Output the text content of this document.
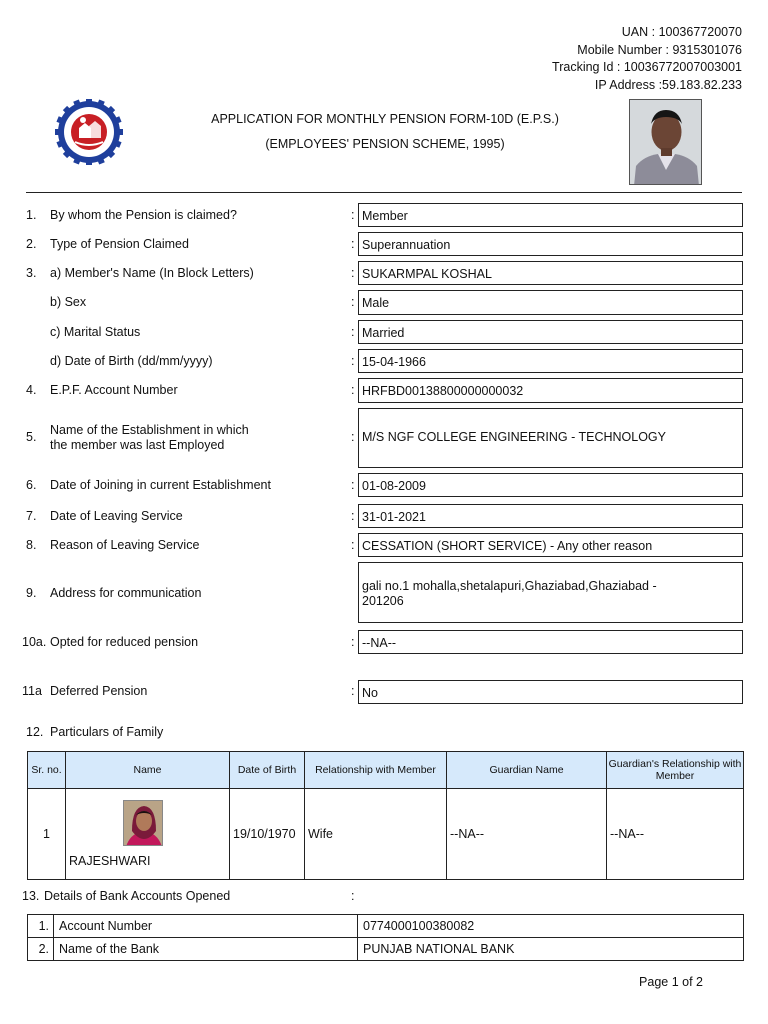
UAN : 100367720070
Mobile Number : 9315301076
Tracking Id : 10036772007003001
IP Address :59.183.82.233
APPLICATION FOR MONTHLY PENSION FORM-10D (E.P.S.)
(EMPLOYEES' PENSION SCHEME, 1995)
1. By whom the Pension is claimed?	: Member
2. Type of Pension Claimed	: Superannuation
3. a) Member's Name (In Block Letters)	: SUKARMPAL KOSHAL
b) Sex	: Male
c) Marital Status	: Married
d) Date of Birth (dd/mm/yyyy)	: 15-04-1966
4. E.P.F. Account Number	: HRFBD00138800000000032
5. Name of the Establishment in which
the member was last Employed
: M/S NGF COLLEGE ENGINEERING - TECHNOLOGY
6. Date of Joining in current Establishment	: 01-08-2009
7. Date of Leaving Service	: 31-01-2021
8. Reason of Leaving Service	: CESSATION (SHORT SERVICE) - Any other reason
9. Address for communication	gali no.1 mohalla,shetalapuri,Ghaziabad,Ghaziabad -
201206
10a. Opted for reduced pension	: --NA--
11a Deferred Pension	: No
12. Particulars of Family
Sr. no.	Name	Date of Birth	Relationship with Member	Guardian Name	Guardian's Relationship with Member
1	RAJESHWARI	19/10/1970	Wife	--NA--	--NA--
13. Details of Bank Accounts Opened	:
1.	Account Number	0774000100380082
2.	Name of the Bank	PUNJAB NATIONAL BANK
Page 1 of 2
